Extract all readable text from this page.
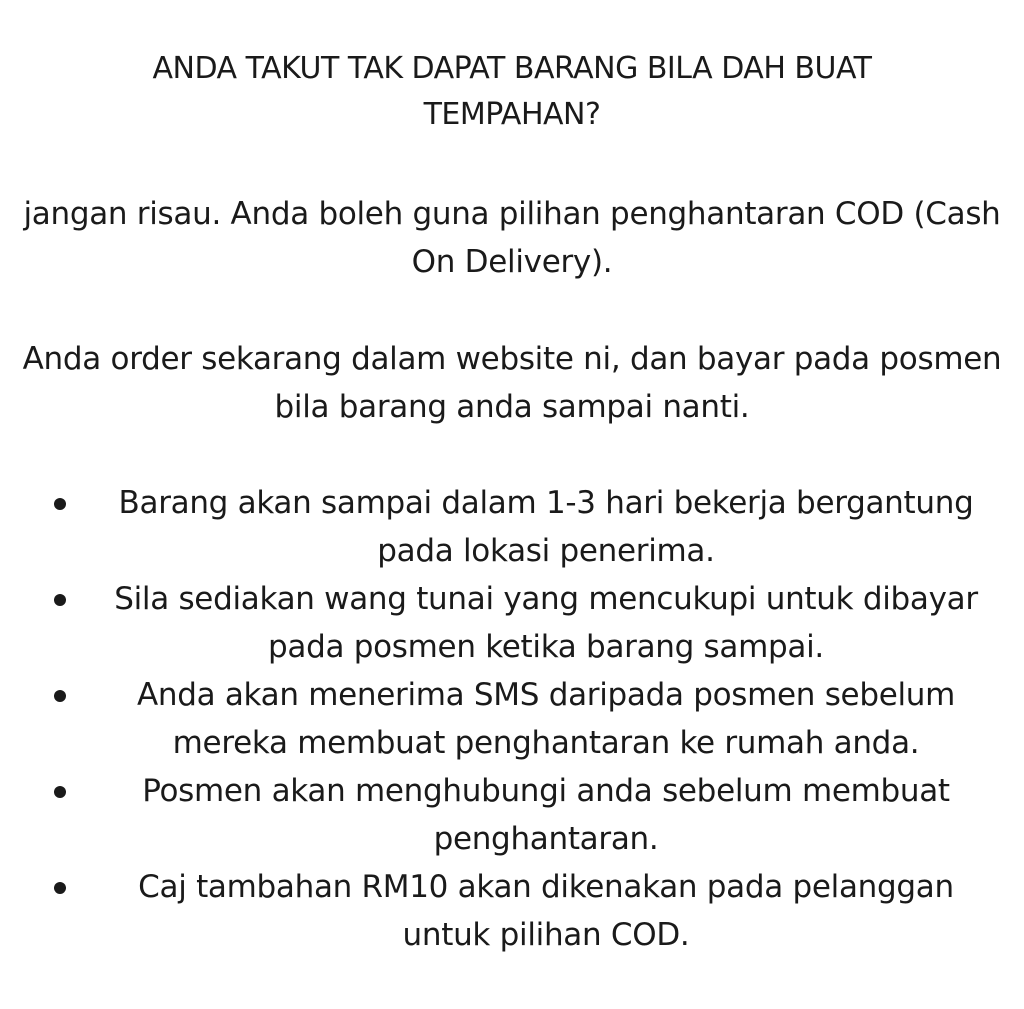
ANDA TAKUT TAK DAPAT BARANG BILA DAH BUAT TEMPAHAN?

jangan risau. Anda boleh guna pilihan penghantaran COD (Cash On Delivery).

Anda order sekarang dalam website ni, dan bayar pada posmen bila barang anda sampai nanti.

Barang akan sampai dalam 1-3 hari bekerja bergantung pada lokasi penerima.
Sila sediakan wang tunai yang mencukupi untuk dibayar pada posmen ketika barang sampai.
Anda akan menerima SMS daripada posmen sebelum mereka membuat penghantaran ke rumah anda.
Posmen akan menghubungi anda sebelum membuat penghantaran.
Caj tambahan RM10 akan dikenakan pada pelanggan untuk pilihan COD.
